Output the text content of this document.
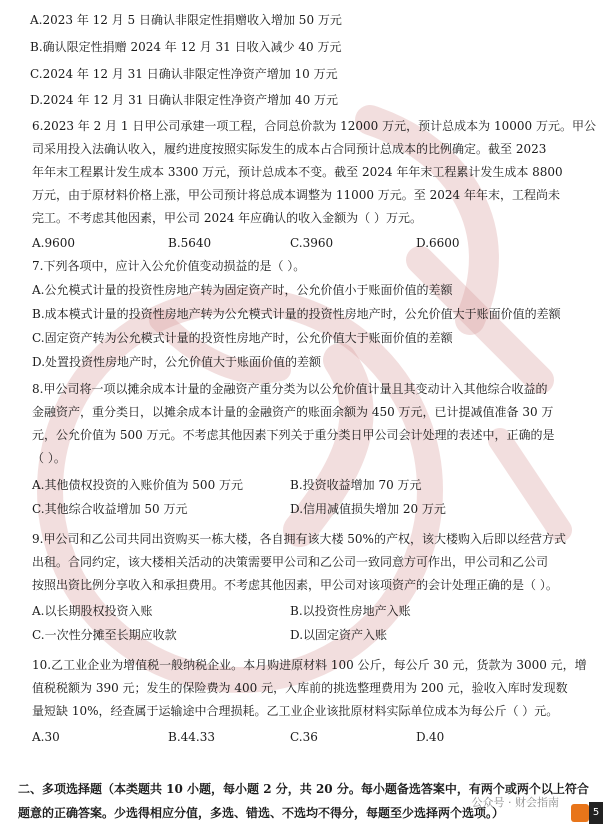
A.2023 年 12 月 5 日确认非限定性捐赠收入增加 50 万元
B.确认限定性捐赠 2024 年 12 月 31 日收入减少 40 万元
C.2024 年 12 月 31 日确认非限定性净资产增加 10 万元
D.2024 年 12 月 31 日确认非限定性净资产增加 40 万元
6.2023 年 2 月 1 日甲公司承建一项工程，合同总价款为 12000 万元，预计总成本为 10000 万元。甲公
司采用投入法确认收入，履约进度按照实际发生的成本占合同预计总成本的比例确定。截至 2023
年年末工程累计发生成本 3300 万元，预计总成本不变。截至 2024 年年末工程累计发生成本 8800
万元，由于原材料价格上涨，甲公司预计将总成本调整为 11000 万元。至 2024 年年末，工程尚未
完工。不考虑其他因素，甲公司 2024 年应确认的收入金额为（ ）万元。
A.9600	B.5640	C.3960	D.6600
7.下列各项中，应计入公允价值变动损益的是（ ）。
A.公允模式计量的投资性房地产转为固定资产时，公允价值小于账面价值的差额
B.成本模式计量的投资性房地产转为公允模式计量的投资性房地产时，公允价值大于账面价值的差额
C.固定资产转为公允模式计量的投资性房地产时，公允价值大于账面价值的差额
D.处置投资性房地产时，公允价值大于账面价值的差额
8.甲公司将一项以摊余成本计量的金融资产重分类为以公允价值计量且其变动计入其他综合收益的
金融资产，重分类日，以摊余成本计量的金融资产的账面余额为 450 万元，已计提减值准备 30 万
元，公允价值为 500 万元。不考虑其他因素下列关于重分类日甲公司会计处理的表述中，正确的是
（ ）。
A.其他债权投资的入账价值为 500 万元	B.投资收益增加 70 万元
C.其他综合收益增加 50 万元	D.信用减值损失增加 20 万元
9.甲公司和乙公司共同出资购买一栋大楼，各自拥有该大楼 50%的产权，该大楼购入后即以经营方式
出租。合同约定，该大楼相关活动的决策需要甲公司和乙公司一致同意方可作出，甲公司和乙公司
按照出资比例分享收入和承担费用。不考虑其他因素，甲公司对该项资产的会计处理正确的是（ ）。
A.以长期股权投资入账	B.以投资性房地产入账
C.一次性分摊至长期应收款	D.以固定资产入账
10.乙工业企业为增值税一般纳税企业。本月购进原材料 100 公斤，每公斤 30 元，货款为 3000 元，增
值税税额为 390 元；发生的保险费为 400 元，入库前的挑选整理费用为 200 元，验收入库时发现数
量短缺 10%，经查属于运输途中合理损耗。乙工业企业该批原材料实际单位成本为每公斤（ ）元。
A.30	B.44.33	C.36	D.40
二、多项选择题（本类题共 10 小题，每小题 2 分，共 20 分。每小题备选答案中，有两个或两个以上符合
题意的正确答案。少选得相应分值，多选、错选、不选均不得分，每题至少选择两个选项。）
公众号 · 财会指南
5
